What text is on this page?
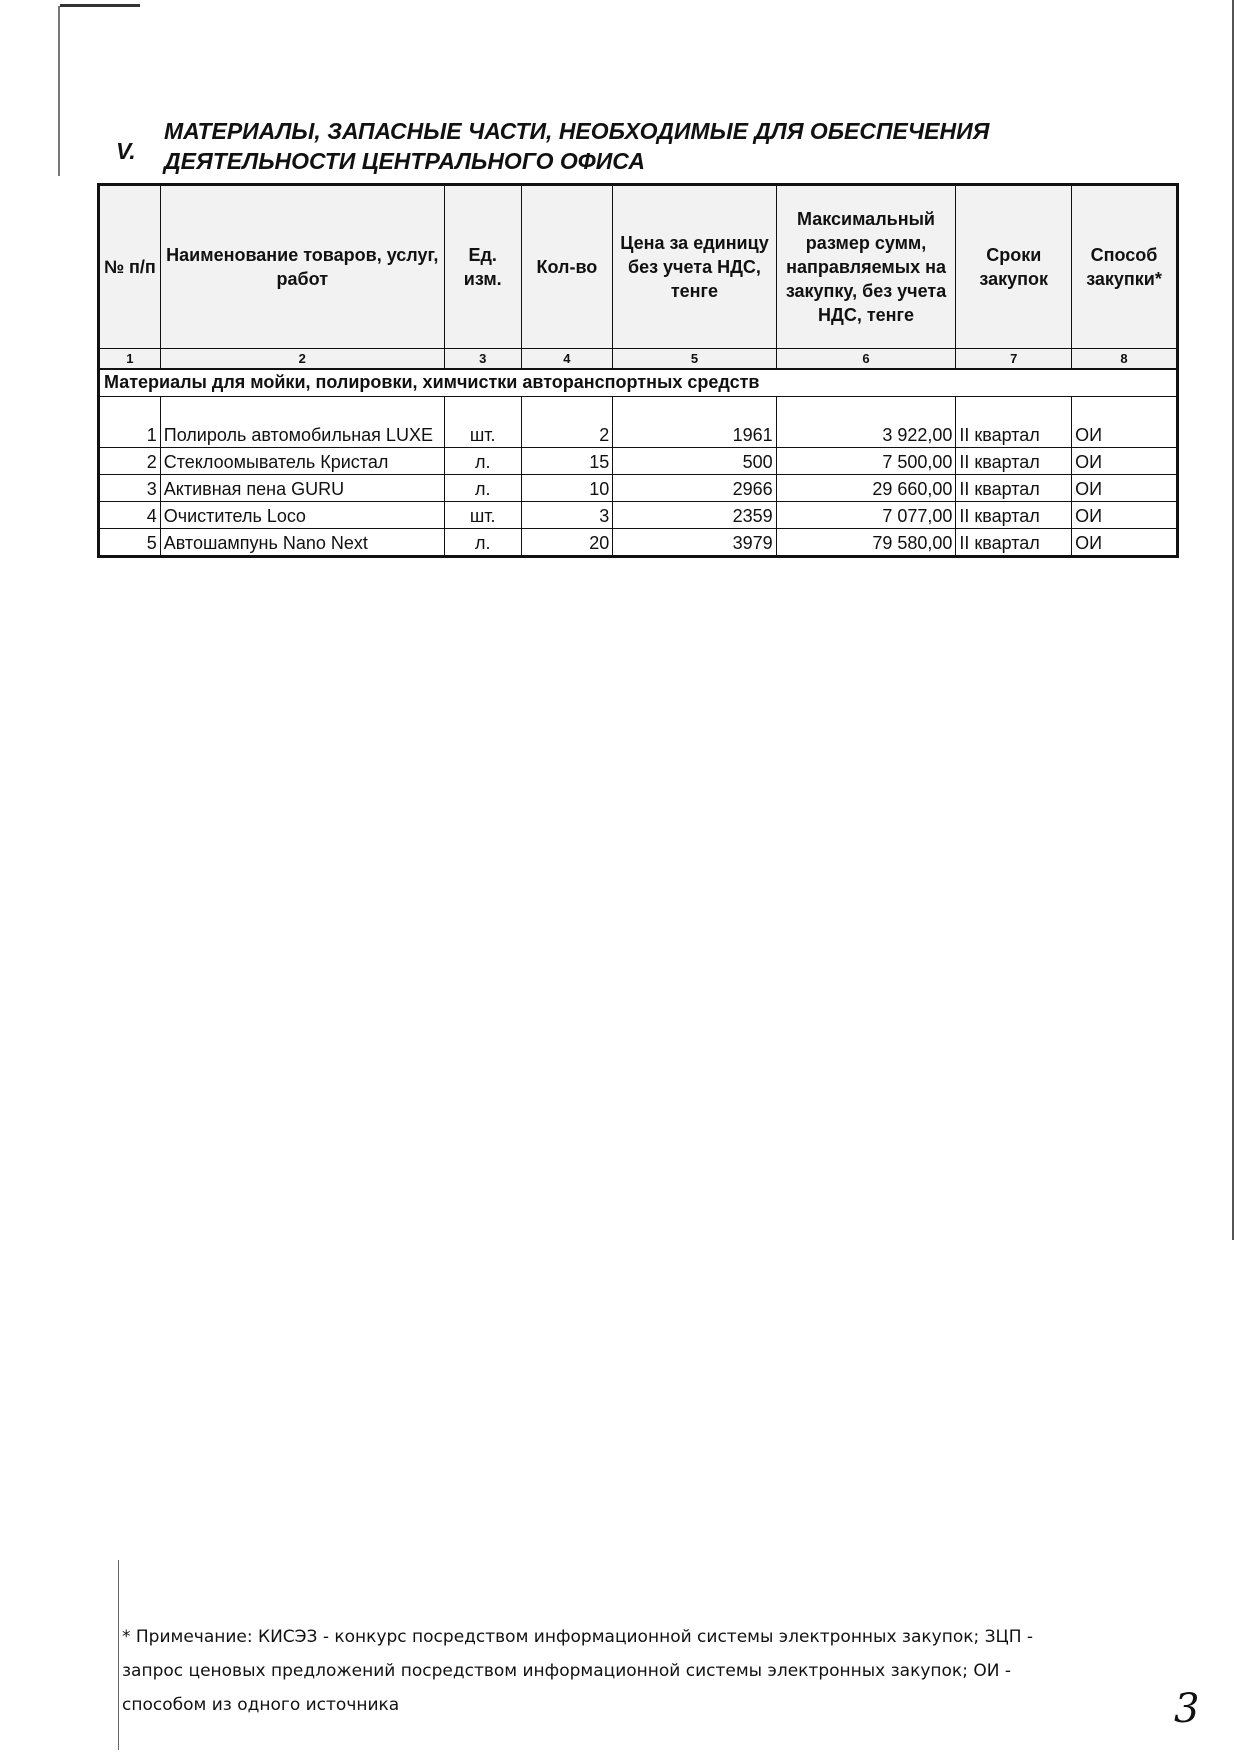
V.
МАТЕРИАЛЫ, ЗАПАСНЫЕ ЧАСТИ, НЕОБХОДИМЫЕ ДЛЯ ОБЕСПЕЧЕНИЯ
ДЕЯТЕЛЬНОСТИ ЦЕНТРАЛЬНОГО ОФИСА
№ п/п	Наименование товаров, услуг, работ	Ед. изм.	Кол-во	Цена за единицу без учета НДС, тенге	Максимальный размер сумм, направляемых на закупку, без учета НДС, тенге	Сроки закупок	Способ закупки*
1	2	3	4	5	6	7	8
Материалы для мойки, полировки, химчистки авторанспортных средств							
1	Полироль автомобильная LUXE	шт.	2	1961	3 922,00	II квартал	ОИ
2	Стеклоомыватель Кристал	л.	15	500	7 500,00	II квартал	ОИ
3	Активная пена GURU	л.	10	2966	29 660,00	II квартал	ОИ
4	Очиститель Loco	шт.	3	2359	7 077,00	II квартал	ОИ
5	Автошампунь Nano Next	л.	20	3979	79 580,00	II квартал	ОИ
* Примечание: КИСЭЗ - конкурс посредством информационной системы электронных закупок; ЗЦП -
запрос ценовых предложений посредством информационной системы электронных закупок; ОИ -
способом из одного источника	3
